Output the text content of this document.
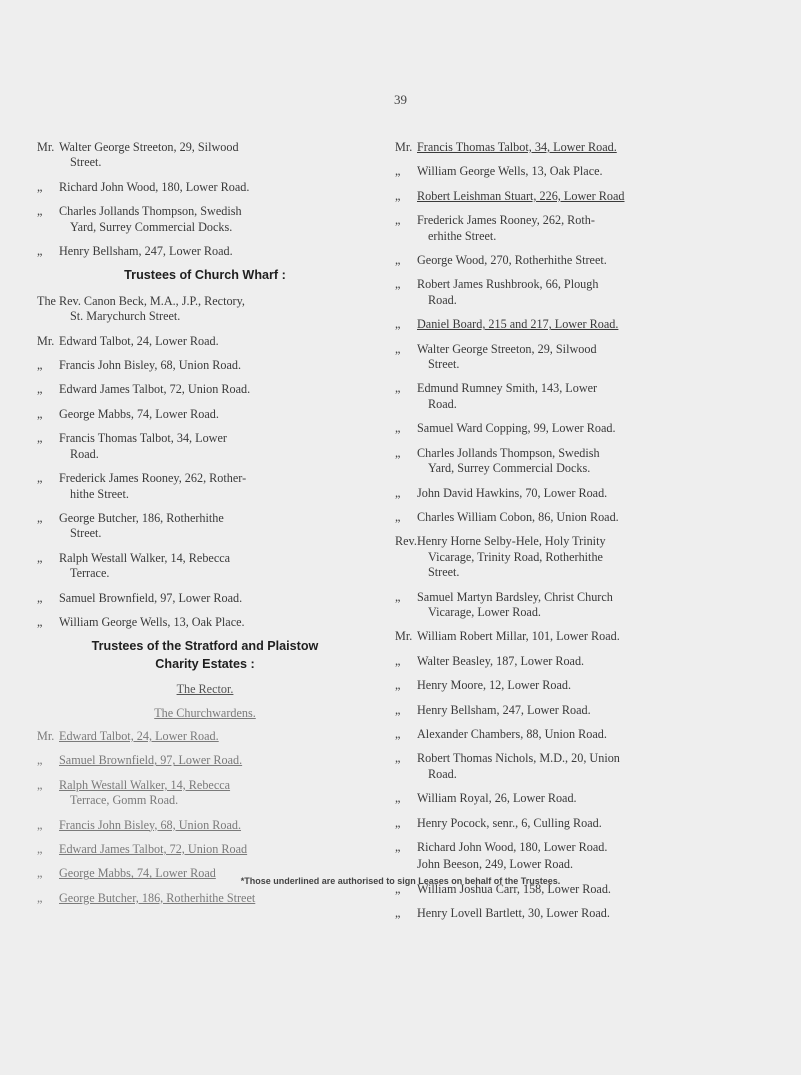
39
Mr. Walter George Streeton, 29, Silwood
Street.
„ Richard John Wood, 180, Lower Road.
„ Charles Jollands Thompson, Swedish
Yard, Surrey Commercial Docks.
„ Henry Bellsham, 247, Lower Road.
Trustees of Church Wharf :
The Rev. Canon Beck, M.A., J.P., Rectory,
St. Marychurch Street.
Mr. Edward Talbot, 24, Lower Road.
„ Francis John Bisley, 68, Union Road.
„ Edward James Talbot, 72, Union Road.
„ George Mabbs, 74, Lower Road.
„ Francis Thomas Talbot, 34, Lower
Road.
„ Frederick James Rooney, 262, Rother-
hithe Street.
„ George Butcher, 186, Rotherhithe
Street.
„ Ralph Westall Walker, 14, Rebecca
Terrace.
„ Samuel Brownfield, 97, Lower Road.
„ William George Wells, 13, Oak Place.
Trustees of the Stratford and Plaistow
Charity Estates :
The Rector.
The Churchwardens.
Mr. Edward Talbot, 24, Lower Road.
„ Samuel Brownfield, 97, Lower Road.
„ Ralph Westall Walker, 14, Rebecca
Terrace, Gomm Road.
„ Francis John Bisley, 68, Union Road.
„ Edward James Talbot, 72, Union Road
„ George Mabbs, 74, Lower Road
„ George Butcher, 186, Rotherhithe Street
Mr. Francis Thomas Talbot, 34, Lower Road.
„ William George Wells, 13, Oak Place.
„ Robert Leishman Stuart, 226, Lower Road
„ Frederick James Rooney, 262, Roth-
erhithe Street.
„ George Wood, 270, Rotherhithe Street.
„ Robert James Rushbrook, 66, Plough
Road.
„ Daniel Board, 215 and 217, Lower Road.
„ Walter George Streeton, 29, Silwood
Street.
„ Edmund Rumney Smith, 143, Lower
Road.
„ Samuel Ward Copping, 99, Lower Road.
„ Charles Jollands Thompson, Swedish
Yard, Surrey Commercial Docks.
„ John David Hawkins, 70, Lower Road.
„ Charles William Cobon, 86, Union Road.
Rev.Henry Horne Selby-Hele, Holy Trinity
Vicarage, Trinity Road, Rotherhithe
Street.
„ Samuel Martyn Bardsley, Christ Church
Vicarage, Lower Road.
Mr. William Robert Millar, 101, Lower Road.
„ Walter Beasley, 187, Lower Road.
„ Henry Moore, 12, Lower Road.
„ Henry Bellsham, 247, Lower Road.
„ Alexander Chambers, 88, Union Road.
„ Robert Thomas Nichols, M.D., 20, Union
Road.
„ William Royal, 26, Lower Road.
„ Henry Pocock, senr., 6, Culling Road.
„ Richard John Wood, 180, Lower Road.
John Beeson, 249, Lower Road.
„ William Joshua Carr, 158, Lower Road.
„ Henry Lovell Bartlett, 30, Lower Road.
*Those underlined are authorised to sign Leases on behalf of the Trustees.
